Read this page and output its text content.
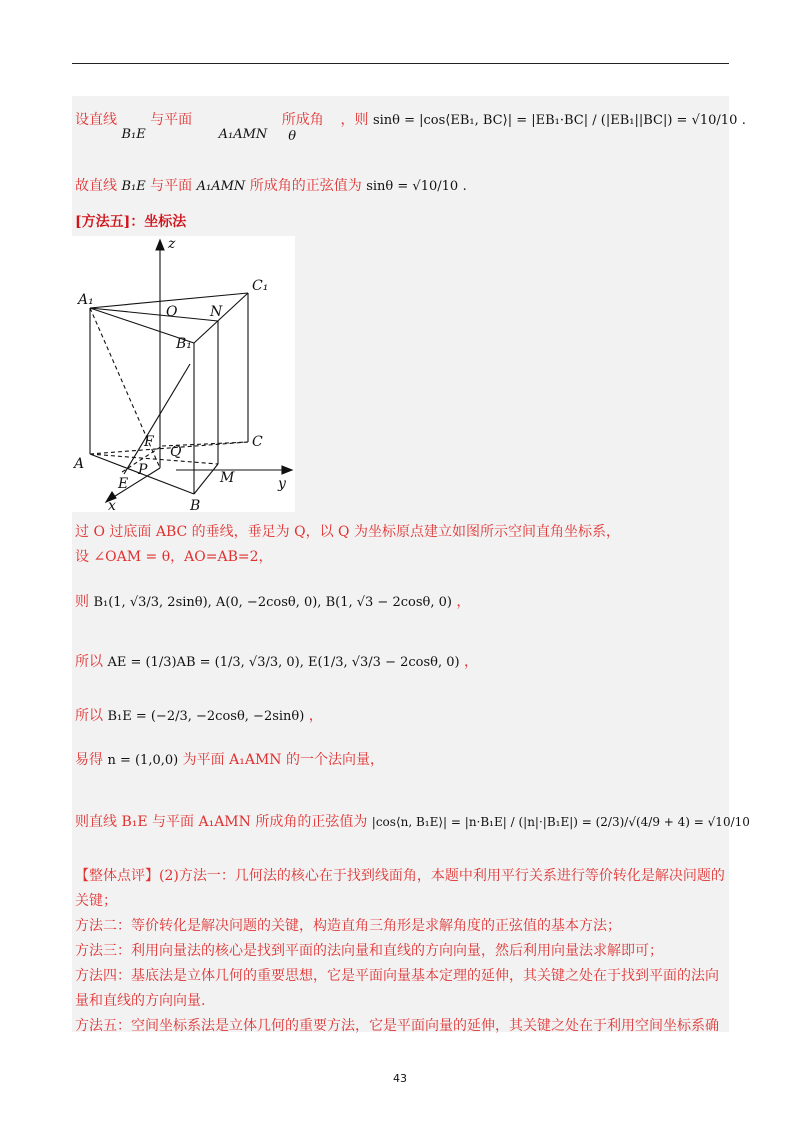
设直线 B₁E 与平面 A₁AMN 所成角 θ ，则 sinθ = |cos⟨EB₁, BC⟩| = |EB₁·BC| / (|EB₁||BC|) = √10/10 .
故直线 B₁E 与平面 A₁AMN 所成角的正弦值为 sinθ = √10/10 .
[方法五]：坐标法
z
y
x
A₁
C₁
O N
B₁
F
Q
C
A	P
E	M
B
过 O 过底面 ABC 的垂线，垂足为 Q，以 Q 为坐标原点建立如图所示空间直角坐标系，
设 ∠OAM = θ，AO=AB=2，
则 B₁(1, √3/3, 2sinθ), A(0, −2cosθ, 0), B(1, √3 − 2cosθ, 0) ，
所以 AE = (1/3)AB = (1/3, √3/3, 0), E(1/3, √3/3 − 2cosθ, 0) ，
所以 B₁E = (−2/3, −2cosθ, −2sinθ) ，
易得 n = (1,0,0) 为平面 A₁AMN 的一个法向量，
则直线 B₁E 与平面 A₁AMN 所成角的正弦值为 |cos⟨n, B₁E⟩| = |n·B₁E| / (|n|·|B₁E|) = (2/3)/√(4/9 + 4) = √10/10
【整体点评】(2)方法一：几何法的核心在于找到线面角，本题中利用平行关系进行等价转化是解决问题的
关键；
方法二：等价转化是解决问题的关键，构造直角三角形是求解角度的正弦值的基本方法；
方法三：利用向量法的核心是找到平面的法向量和直线的方向向量，然后利用向量法求解即可；
方法四：基底法是立体几何的重要思想，它是平面向量基本定理的延伸，其关键之处在于找到平面的法向
量和直线的方向向量.
方法五：空间坐标系法是立体几何的重要方法，它是平面向量的延伸，其关键之处在于利用空间坐标系确
43
